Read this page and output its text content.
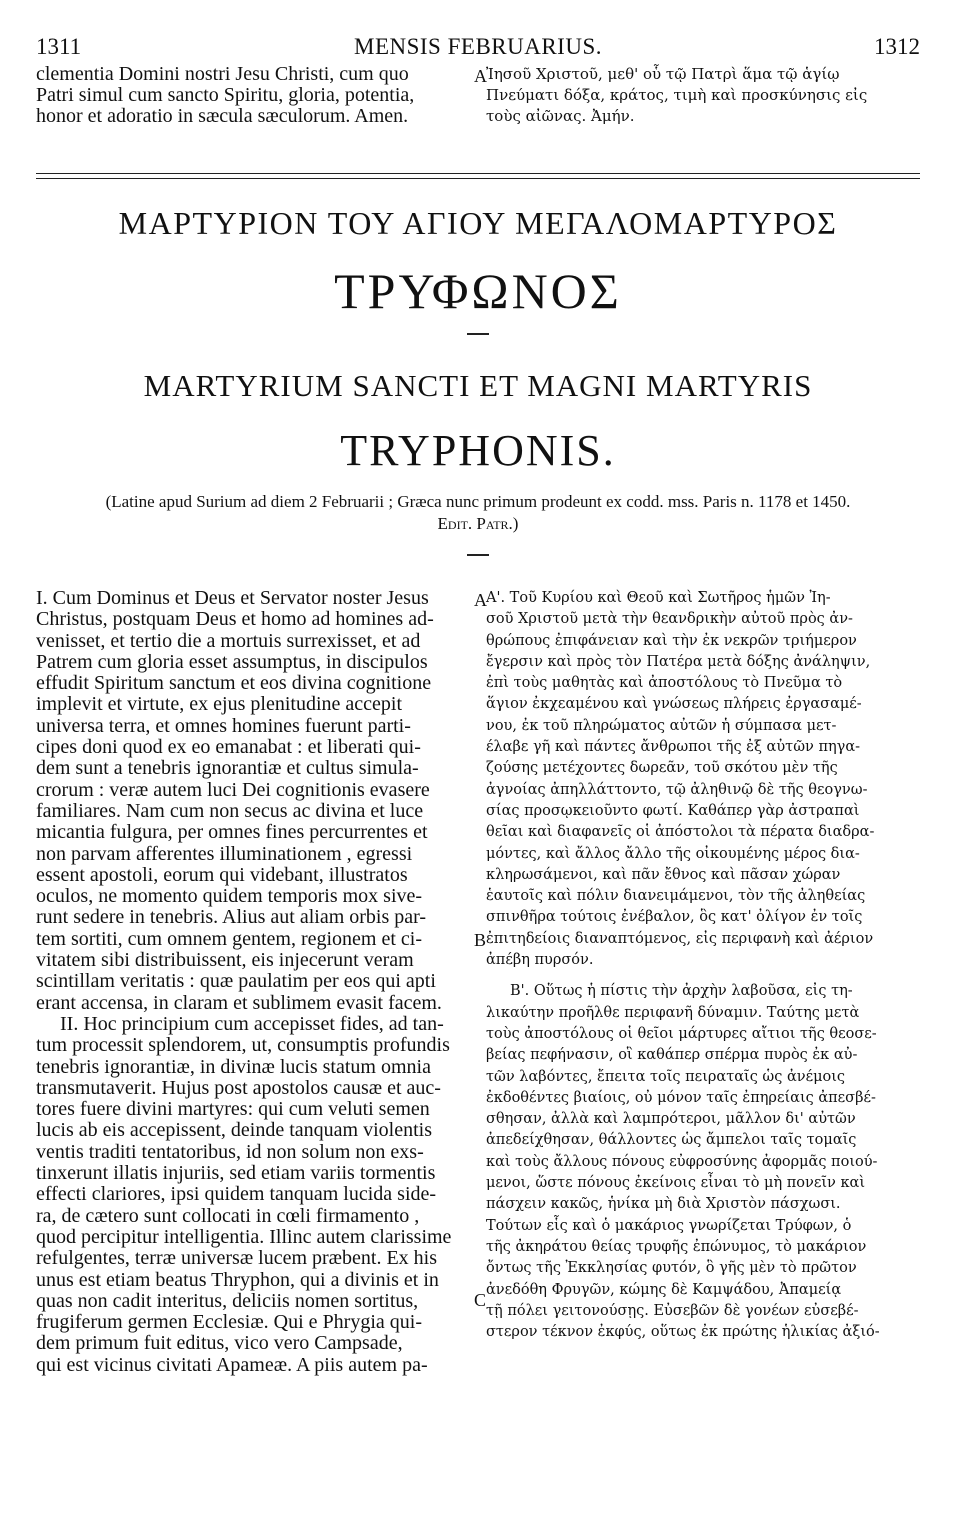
1311	MENSIS FEBRUARIUS.	1312
clementia Domini nostri Jesu Christi, cum quo
Patri simul cum sancto Spiritu, gloria, potentia,
honor et adoratio in sæcula sæculorum. Amen.
A Ἰησοῦ Χριστοῦ, μεθ' οὗ τῷ Πατρὶ ἅμα τῷ ἁγίῳ
Πνεύματι δόξα, κράτος, τιμὴ καὶ προσκύνησις εἰς
τοὺς αἰῶνας. Ἀμήν.
ΜΑΡΤΥΡΙΟΝ ΤΟΥ ΑΓΙΟΥ ΜΕΓΑΛΟΜΑΡΤΥΡΟΣ
ΤΡΥΦΩΝΟΣ
MARTYRIUM SANCTI ET MAGNI MARTYRIS
TRYPHONIS.
(Latine apud Surium ad diem 2 Februarii ; Græca nunc primum prodeunt ex codd. mss. Paris n. 1178 et 1450.
Edit. Patr.)
I. Cum Dominus et Deus et Servator noster Jesus
Christus, postquam Deus et homo ad homines ad-
venisset, et tertio die a mortuis surrexisset, et ad
Patrem cum gloria esset assumptus, in discipulos
effudit Spiritum sanctum et eos divina cognitione
implevit et virtute, ex ejus plenitudine accepit
universa terra, et omnes homines fuerunt parti-
cipes doni quod ex eo emanabat : et liberati qui-
dem sunt a tenebris ignorantiæ et cultus simula-
crorum : veræ autem luci Dei cognitionis evasere
familiares. Nam cum non secus ac divina et luce
micantia fulgura, per omnes fines percurrentes et
non parvam afferentes illuminationem , egressi
essent apostoli, eorum qui videbant, illustratos
oculos, ne momento quidem temporis mox sive-
runt sedere in tenebris. Alius aut aliam orbis par-
tem sortiti, cum omnem gentem, regionem et ci-
vitatem sibi distribuissent, eis injecerunt veram
scintillam veritatis : quæ paulatim per eos qui apti
erant accensa, in claram et sublimem evasit facem.
II. Hoc principium cum accepisset fides, ad tan-
tum processit splendorem, ut, consumptis profundis
tenebris ignorantiæ, in divinæ lucis statum omnia
transmutaverit. Hujus post apostolos causæ et auc-
tores fuere divini martyres: qui cum veluti semen
lucis ab eis accepissent, deinde tanquam violentis
ventis traditi tentatoribus, id non solum non exs-
tinxerunt illatis injuriis, sed etiam variis tormentis
effecti clariores, ipsi quidem tanquam lucida side-
ra, de cætero sunt collocati in cœli firmamento ,
quod percipitur intelligentia. Illinc autem clarissime
refulgentes, terræ universæ lucem præbent. Ex his
unus est etiam beatus Thryphon, qui a divinis et in
quas non cadit interitus, deliciis nomen sortitus,
frugiferum germen Ecclesiæ. Qui e Phrygia qui-
dem primum fuit editus, vico vero Campsade,
qui est vicinus civitati Apameæ. A piis autem pa-
A
B
C
Α'. Τοῦ Κυρίου καὶ Θεοῦ καὶ Σωτῆρος ἡμῶν Ἰη-
σοῦ Χριστοῦ μετὰ τὴν θεανδρικὴν αὐτοῦ πρὸς ἀν-
θρώπους ἐπιφάνειαν καὶ τὴν ἐκ νεκρῶν τριήμερον
ἔγερσιν καὶ πρὸς τὸν Πατέρα μετὰ δόξης ἀνάληψιν,
ἐπὶ τοὺς μαθητὰς καὶ ἀποστόλους τὸ Πνεῦμα τὸ
ἅγιον ἐκχεαμένου καὶ γνώσεως πλήρεις ἐργασαμέ-
νου, ἐκ τοῦ πληρώματος αὐτῶν ἡ σύμπασα μετ-
έλαβε γῆ καὶ πάντες ἄνθρωποι τῆς ἐξ αὐτῶν πηγα-
ζούσης μετέχοντες δωρεᾶν, τοῦ σκότου μὲν τῆς
ἀγνοίας ἀπηλλάττοντο, τῷ ἀληθινῷ δὲ τῆς θεογνω-
σίας προσῳκειοῦντο φωτί. Καθάπερ γὰρ ἀστραπαὶ
θεῖαι καὶ διαφανεῖς οἱ ἀπόστολοι τὰ πέρατα διαδρα-
μόντες, καὶ ἄλλος ἄλλο τῆς οἰκουμένης μέρος δια-
κληρωσάμενοι, καὶ πᾶν ἔθνος καὶ πᾶσαν χώραν
ἑαυτοῖς καὶ πόλιν διανειμάμενοι, τὸν τῆς ἀληθείας
σπινθῆρα τούτοις ἐνέβαλον, ὃς κατ' ὀλίγον ἐν τοῖς
ἐπιτηδείοις διαναπτόμενος, εἰς περιφανὴ καὶ ἀέριον
ἀπέβη πυρσόν.
Β'. Οὕτως ἡ πίστις τὴν ἀρχὴν λαβοῦσα, εἰς τη-
λικαύτην προῆλθε περιφανῆ δύναμιν. Ταύτης μετὰ
τοὺς ἀποστόλους οἱ θεῖοι μάρτυρες αἴτιοι τῆς θεοσε-
βείας πεφήνασιν, οἳ καθάπερ σπέρμα πυρὸς ἐκ αὐ-
τῶν λαβόντες, ἔπειτα τοῖς πειραταῖς ὡς ἀνέμοις
ἐκδοθέντες βιαίοις, οὐ μόνον ταῖς ἐπηρείαις ἀπεσβέ-
σθησαν, ἀλλὰ καὶ λαμπρότεροι, μᾶλλον δι' αὐτῶν
ἀπεδείχθησαν, θάλλοντες ὡς ἄμπελοι ταῖς τομαῖς
καὶ τοὺς ἄλλους πόνους εὐφροσύνης ἀφορμᾶς ποιού-
μενοι, ὥστε πόνους ἐκείνοις εἶναι τὸ μὴ πονεῖν καὶ
πάσχειν κακῶς, ἡνίκα μὴ διὰ Χριστὸν πάσχωσι.
Τούτων εἷς καὶ ὁ μακάριος γνωρίζεται Τρύφων, ὁ
τῆς ἀκηράτου θείας τρυφῆς ἐπώνυμος, τὸ μακάριον
ὄντως τῆς Ἐκκλησίας φυτόν, ὃ γῆς μὲν τὸ πρῶτον
ἀνεδόθη Φρυγῶν, κώμης δὲ Καμψάδου, Ἀπαμείᾳ
τῇ πόλει γειτονούσῃς. Εὐσεβῶν δὲ γονέων εὐσεβέ-
στερον τέκνον ἐκφύς, οὕτως ἐκ πρώτης ἡλικίας ἀξιό-
